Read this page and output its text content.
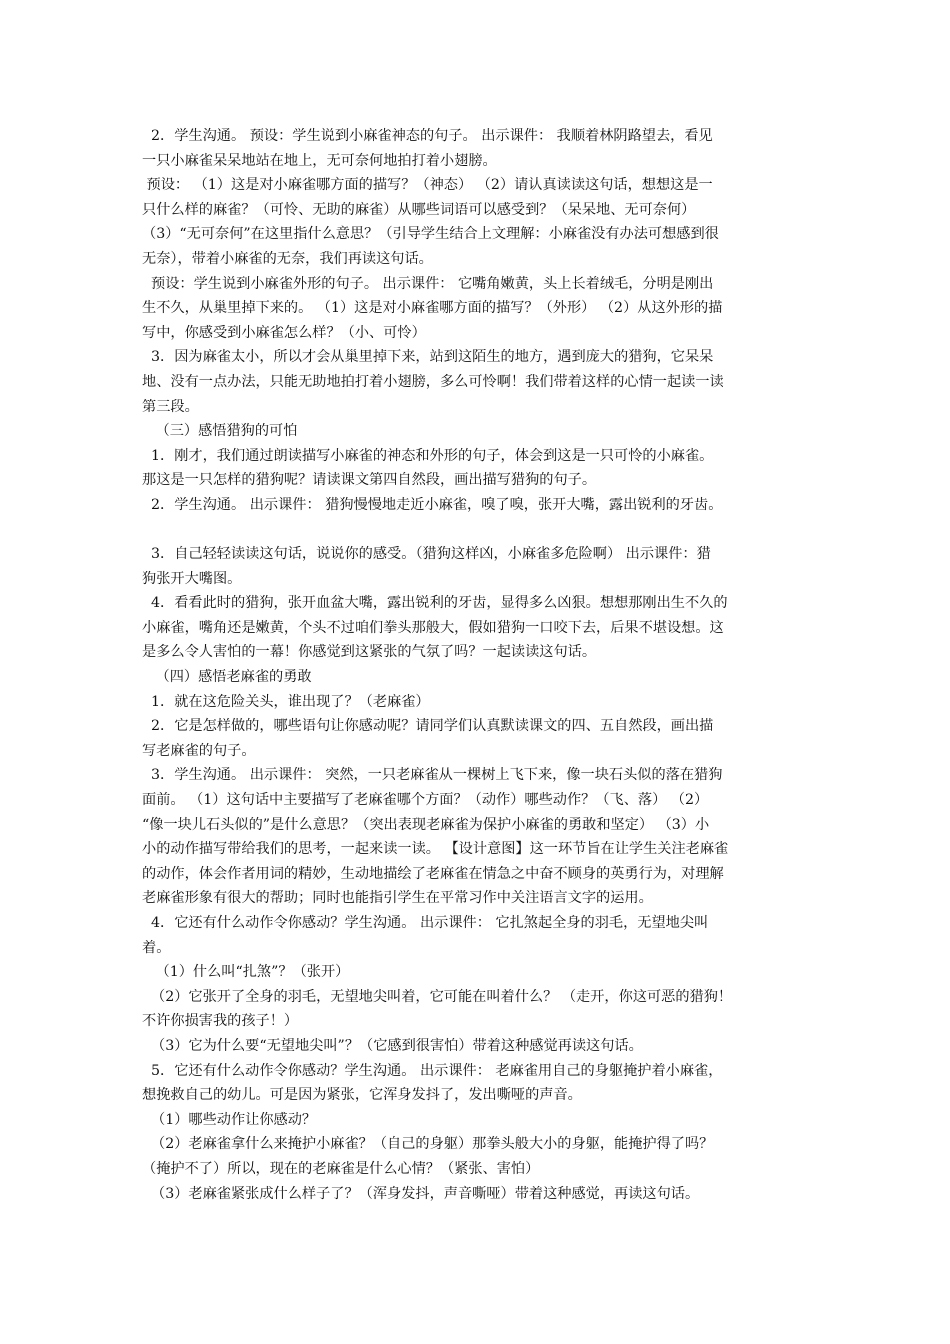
2．学生沟通。 预设：学生说到小麻雀神态的句子。 出示课件： 我顺着林阴路望去，看见
一只小麻雀呆呆地站在地上，无可奈何地拍打着小翅膀。
预设： （1）这是对小麻雀哪方面的描写？（神态） （2）请认真读读这句话，想想这是一
只什么样的麻雀？（可怜、无助的麻雀）从哪些词语可以感受到？（呆呆地、无可奈何）
（3）“无可奈何”在这里指什么意思？（引导学生结合上文理解：小麻雀没有办法可想感到很
无奈），带着小麻雀的无奈，我们再读这句话。
预设：学生说到小麻雀外形的句子。 出示课件： 它嘴角嫩黄，头上长着绒毛，分明是刚出
生不久，从巢里掉下来的。 （1）这是对小麻雀哪方面的描写？（外形） （2）从这外形的描
写中，你感受到小麻雀怎么样？（小、可怜）
3．因为麻雀太小，所以才会从巢里掉下来，站到这陌生的地方，遇到庞大的猎狗，它呆呆
地、没有一点办法，只能无助地拍打着小翅膀，多么可怜啊！我们带着这样的心情一起读一读
第三段。
（三）感悟猎狗的可怕
1．刚才，我们通过朗读描写小麻雀的神态和外形的句子，体会到这是一只可怜的小麻雀。
那这是一只怎样的猎狗呢？请读课文第四自然段，画出描写猎狗的句子。
2．学生沟通。 出示课件： 猎狗慢慢地走近小麻雀，嗅了嗅，张开大嘴，露出锐利的牙齿。
3．自己轻轻读读这句话，说说你的感受。（猎狗这样凶，小麻雀多危险啊） 出示课件：猎
狗张开大嘴图。
4．看看此时的猎狗，张开血盆大嘴，露出锐利的牙齿，显得多么凶狠。想想那刚出生不久的
小麻雀，嘴角还是嫩黄，个头不过咱们拳头那般大，假如猎狗一口咬下去，后果不堪设想。这
是多么令人害怕的一幕！你感觉到这紧张的气氛了吗？一起读读这句话。
（四）感悟老麻雀的勇敢
1．就在这危险关头，谁出现了？（老麻雀）
2．它是怎样做的，哪些语句让你感动呢？请同学们认真默读课文的四、五自然段，画出描
写老麻雀的句子。
3．学生沟通。 出示课件： 突然，一只老麻雀从一棵树上飞下来，像一块石头似的落在猎狗
面前。 （1）这句话中主要描写了老麻雀哪个方面？（动作）哪些动作？（飞、落） （2）
“像一块儿石头似的”是什么意思？（突出表现老麻雀为保护小麻雀的勇敢和坚定） （3）小
小的动作描写带给我们的思考，一起来读一读。 【设计意图】这一环节旨在让学生关注老麻雀
的动作，体会作者用词的精妙，生动地描绘了老麻雀在情急之中奋不顾身的英勇行为，对理解
老麻雀形象有很大的帮助；同时也能指引学生在平常习作中关注语言文字的运用。
4．它还有什么动作令你感动？学生沟通。 出示课件： 它扎煞起全身的羽毛，无望地尖叫
着。
（1）什么叫“扎煞”？（张开）
（2）它张开了全身的羽毛，无望地尖叫着，它可能在叫着什么？ （走开，你这可恶的猎狗！
不许你损害我的孩子！）
（3）它为什么要“无望地尖叫”？（它感到很害怕）带着这种感觉再读这句话。
5．它还有什么动作令你感动？学生沟通。 出示课件： 老麻雀用自己的身躯掩护着小麻雀，
想挽救自己的幼儿。可是因为紧张，它浑身发抖了，发出嘶哑的声音。
（1）哪些动作让你感动？
（2）老麻雀拿什么来掩护小麻雀？（自己的身躯）那拳头般大小的身躯，能掩护得了吗？
（掩护不了）所以，现在的老麻雀是什么心情？（紧张、害怕）
（3）老麻雀紧张成什么样子了？（浑身发抖，声音嘶哑）带着这种感觉，再读这句话。
